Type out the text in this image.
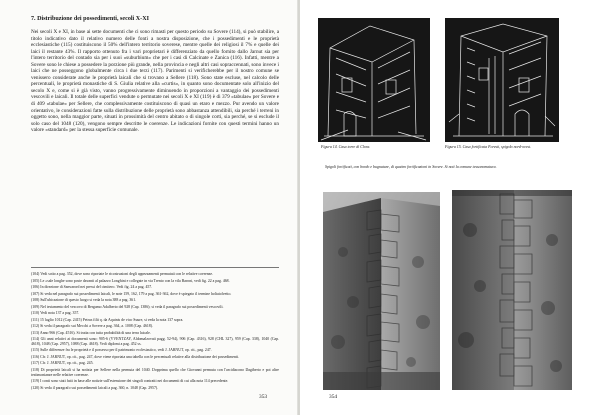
7. Distribuzione dei possedimenti, secoli X-XI
Nei secoli X e XI, in base ai sette documenti che ci sono rimasti per questo periodo su Sovere (114), si può stabilire, a titolo indicativo dato il relativo numero delle fonti a nostra disposizione, che i possedimenti e le proprietà ecclesiastiche (115) costituiscono il 50% dell'intero territorio soverese, mentre quelle dei religiosi il 7% e quelle dei laici il restante 43%. Il rapporto ottenuto fra i vari proprietari è differenziato da quello fornito dallo Jarnut sia per l'intero territorio del contado sia per i suoi «suburbium» che per i casi di Calcinate e Zanica (116). Infatti, mentre a Sovere sono le chiese a possedere la porzione più grande, nella provincia e negli altri casi sopraccennati, sono invece i laici che ne posseggono globalmente circa i due terzi (117). Parimenti si verificherebbe per il nostro comune se venissero considerate anche le proprietà laicali che si trovano a Sellere (118). Sono state escluse, nel calcolo delle percentuali, le proprietà monastiche di S. Giulia relative alla «curtis», in quanto sono documentate solo all'inizio del secolo X e, come si è già visto, vanno progressivamente diminuendo in proporzioni a vantaggio dei possedimenti vescovili e laicali. Il totale delle superfici vendute o permutate nei secoli X e XI (119) è di 379 «tabulae» per Sovere e di 409 «tabulae» per Sellere, che complessivamente costituiscono di quasi un etaro e mezzo. Pur avendo un valore orientativo, le considerazioni fatte sulla distribuzione delle proprietà sono abbastanza attendibili, sia perché i terreni in oggetto sono, nella maggior parte, situati in prossimità del centro abitato o di singole corti, sia perché, se si esclude il solo caso del 1048 (120), vengono sempre descritte le coerenze. Le indicazioni fornite con questi termini hanno un valore «standard» per la stessa superficie comunale.

(104) Vedi sotto a pag. 352, dove sono riportate le ricostruzioni degli appezzamenti permutati con le relative coerenze.

(105) Le «sale longhe sono poste davanti al palazzo Longhini e collegate in via Trento con la vila Baroni, vedi fig. 22 a pag. 468.

(106) In direzione di Sanvarord nei pressi del cimitero. Vedi fig. 24 a pag. 457.

(107) Si veda nel paragrafo sui possedimenti laicali, le note 159, 162, 179 a pag. 361-362, dove è spiegato il termine holtaiolvetto.

(108) Sull'ubicazione di questo luogo si veda la nota 388 a pag. 361.

(109) Nel testamento del vescovo di Bergamo Adalberto del 928 (Cap. 1386); si veda il paragrafo sui possedimenti vescovili.

(110) Vedi nota 137 a pag. 357.

(111) 15 luglio 1012 (Cap. 2415) Petrus filii q. da Aquinis de vico Suure, si veda la nota 137 sopra.

(112) Si veda il paragrafo sui Mecchi a Sovere a pag. 364, a. 1008 (Cap. 4618).

(113) Anno 966 (Cap. 4516). Si tratta con tutta probabilità di una terra laicale.

(114) Gli anni relativi ai documenti sono: 905-6 (VVENTZAY, Aldomalzovati pagg. 52-94), 906 (Cap. 4316), 928 (CHL 327), 959 (Cap. 338), 1040 (Cap. 4618), 1048 (Cap. 2957), 1088 (Cap. 4618). Vedi diplomi a pag. 452 ss.

(115) Sulle differenze fra le proprietà e il possesso per il patrimonio ecclesiastico, vedi J. JARNUT, op. cit., pag. 247.

(116) Cfr. J. JARNUT, op. cit., pag. 247, dove viene riportata una tabella con le percentuali relative alla distribuzione dei possedimenti.

(117) Cfr. J. JARNUT, op. cit., pag. 245.

(118) Di proprietà laicali si ha notizia per Sellere nella permuta del 1040. Dopprima quello che Giovanni permuta con l'arcidiacono Dagiberto e poi altre testimonianze nelle relative coerenze.

(119) I conti sono stati fatti in base alle notizie sull'estensione dei singoli contratti nei documenti di cui alla nota 114 precedente.

(120) Si veda il paragrafo sui possedimenti laicali a pag. 360, n. 1048 (Cap. 2957).

353
Figura 14. Casa torre di Clora.	Figura 15. Casa fortificata Foresti, spigolo nord-ovest.
Spigoli fortificati, con bordo e bugnature, di quattro fortificazioni in Sovere. Si noti la comune tessonomatura.
354
